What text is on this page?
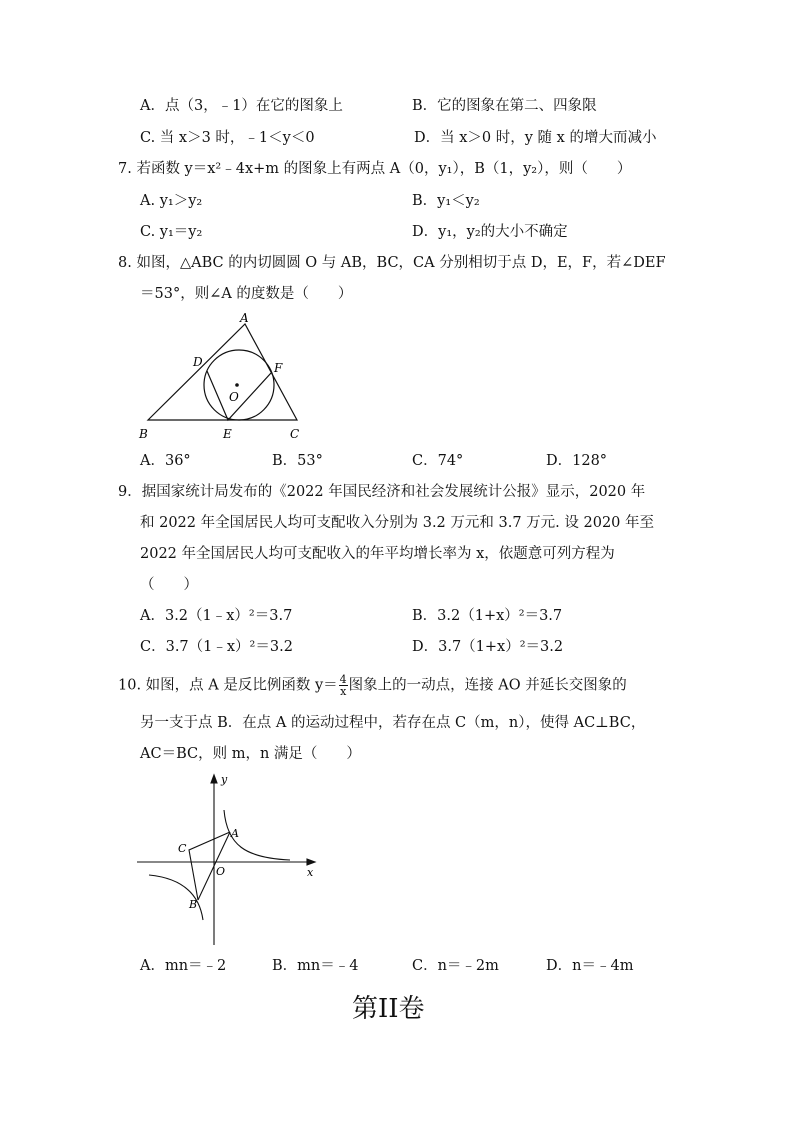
A．点（3，﹣1）在它的图象上	B．它的图象在第二、四象限
C. 当 x＞3 时，﹣1＜y＜0	D．当 x＞0 时，y 随 x 的增大而减小
7. 若函数 y＝x²﹣4x+m 的图象上有两点 A（0，y₁），B（1，y₂），则（　　）
A. y₁＞y₂	B．y₁＜y₂
C. y₁＝y₂	D．y₁，y₂的大小不确定
8. 如图，△ABC 的内切圆圆 O 与 AB，BC，CA 分别相切于点 D，E，F，若∠DEF
＝53°，则∠A 的度数是（　　）
A
B	C
D
E
F
O
A．36°	B．53°	C．74°	D．128°
9．据国家统计局发布的《2022 年国民经济和社会发展统计公报》显示，2020 年
和 2022 年全国居民人均可支配收入分别为 3.2 万元和 3.7 万元. 设 2020 年至
2022 年全国居民人均可支配收入的年平均增长率为 x，依题意可列方程为
（　　）
A．3.2（1﹣x）²＝3.7	B．3.2（1+x）²＝3.7
C．3.7（1﹣x）²＝3.2	D．3.7（1+x）²＝3.2
10. 如图，点 A 是反比例函数 $y= \frac{4}{x}$ 图象上的一动点，连接 AO 并延长交图象的
另一支于点 B．在点 A 的运动过程中，若存在点 C（m，n），使得 AC⊥BC，
AC＝BC，则 m，n 满足（　　）
y
x
A
B
C
O
A．mn＝﹣2	B．mn＝﹣4	C．n＝﹣2m	D．n＝﹣4m
第II卷
